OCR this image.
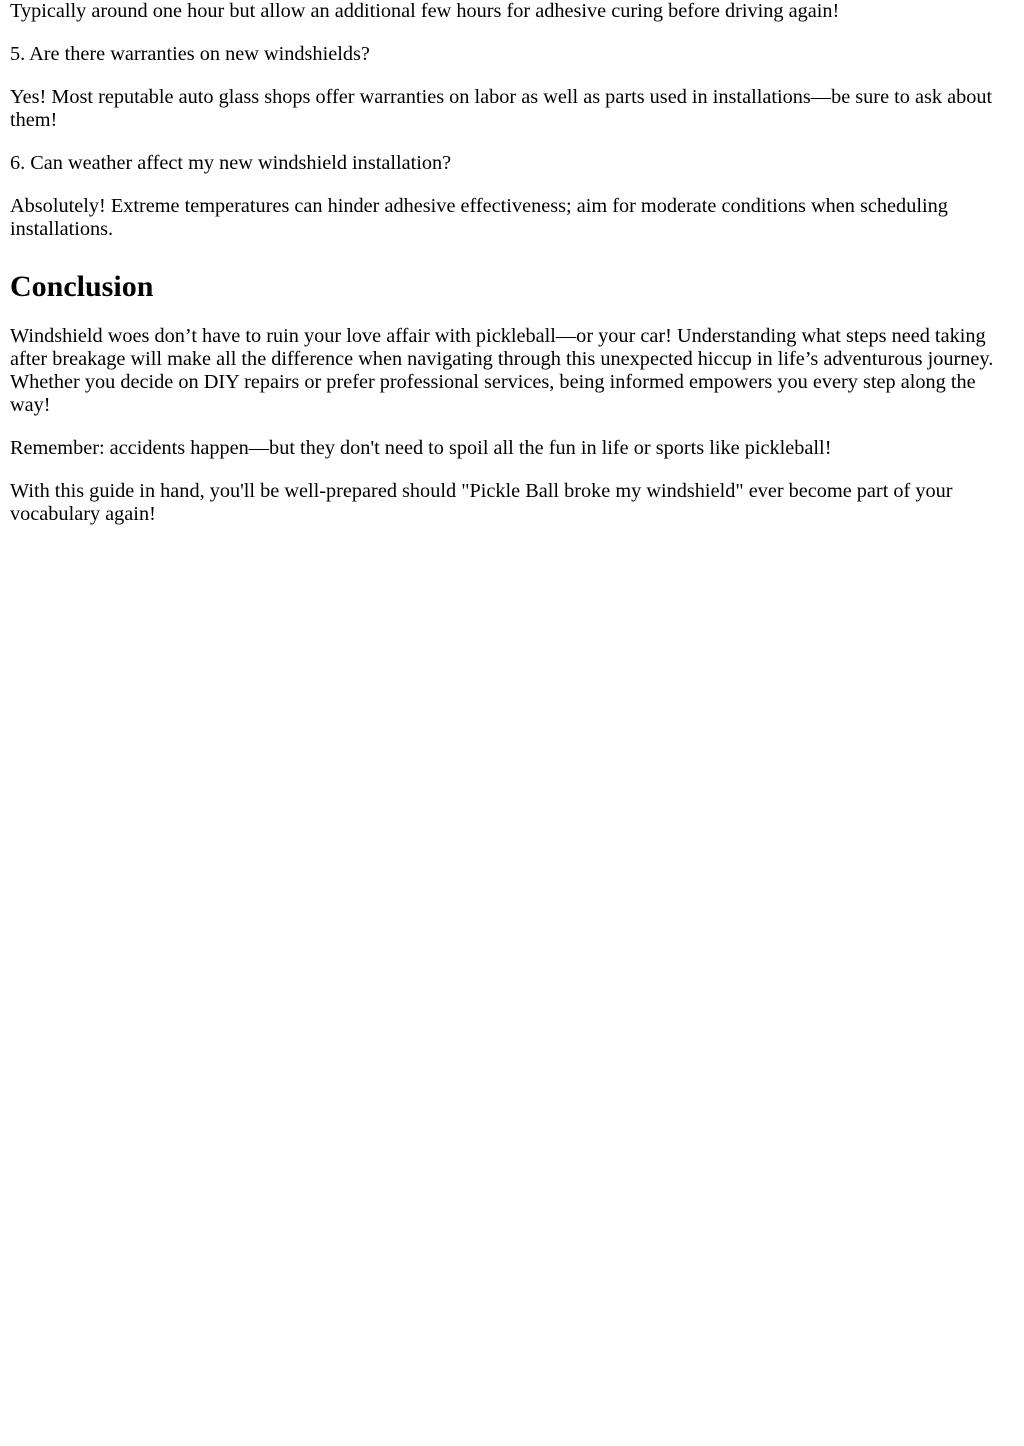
Typically around one hour but allow an additional few hours for adhesive curing before driving again!

5. Are there warranties on new windshields?

Yes! Most reputable auto glass shops offer warranties on labor as well as parts used in installations—be sure to ask about them!

6. Can weather affect my new windshield installation?

Absolutely! Extreme temperatures can hinder adhesive effectiveness; aim for moderate conditions when scheduling installations.

Conclusion

Windshield woes don’t have to ruin your love affair with pickleball—or your car! Understanding what steps need taking after breakage will make all the difference when navigating through this unexpected hiccup in life’s adventurous journey. Whether you decide on DIY repairs or prefer professional services, being informed empowers you every step along the way!

Remember: accidents happen—but they don't need to spoil all the fun in life or sports like pickleball!

With this guide in hand, you'll be well-prepared should "Pickle Ball broke my windshield" ever become part of your vocabulary again!
